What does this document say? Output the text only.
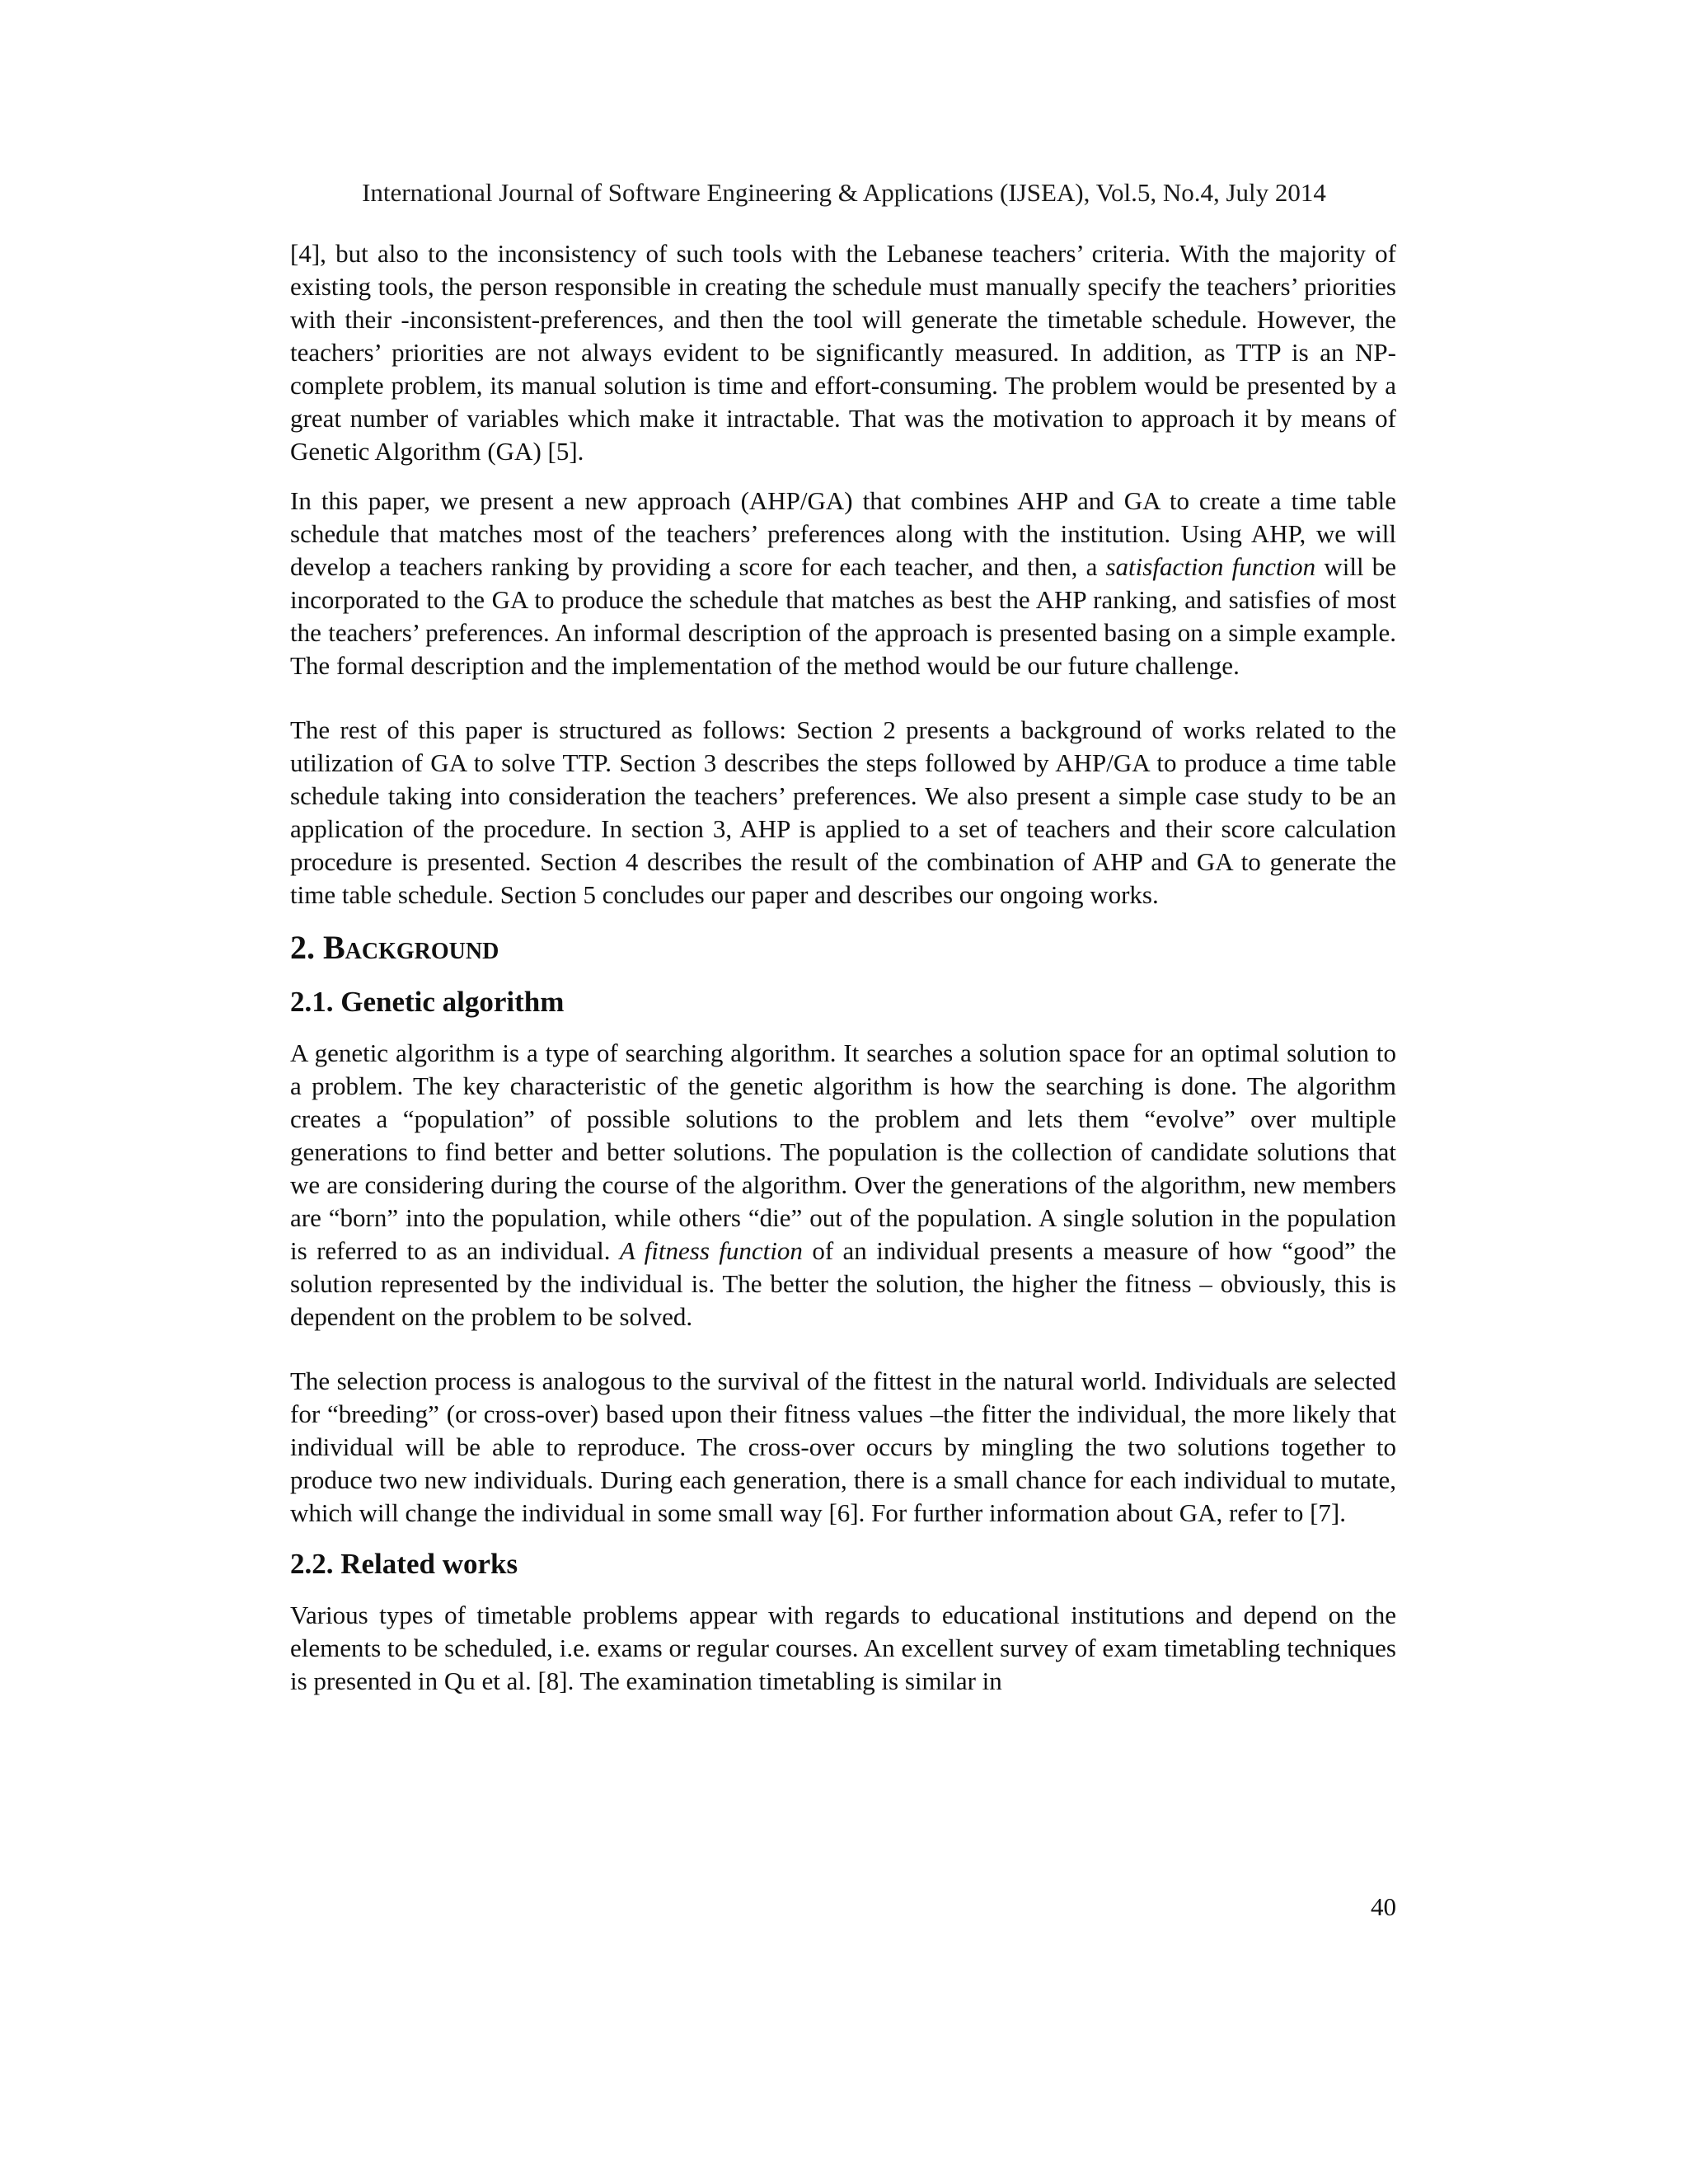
International Journal of Software Engineering & Applications (IJSEA), Vol.5, No.4, July 2014

[4], but also to the inconsistency of such tools with the Lebanese teachers’ criteria. With the majority of existing tools, the person responsible in creating the schedule must manually specify the teachers’ priorities with their -inconsistent-preferences, and then the tool will generate the timetable schedule. However, the teachers’ priorities are not always evident to be significantly measured. In addition, as TTP is an NP-complete problem, its manual solution is time and effort-consuming. The problem would be presented by a great number of variables which make it intractable. That was the motivation to approach it by means of Genetic Algorithm (GA) [5].

In this paper, we present a new approach (AHP/GA) that combines AHP and GA to create a time table schedule that matches most of the teachers’ preferences along with the institution. Using AHP, we will develop a teachers ranking by providing a score for each teacher, and then, a satisfaction function will be incorporated to the GA to produce the schedule that matches as best the AHP ranking, and satisfies of most the teachers’ preferences. An informal description of the approach is presented basing on a simple example. The formal description and the implementation of the method would be our future challenge.

The rest of this paper is structured as follows: Section 2 presents a background of works related to the utilization of GA to solve TTP. Section 3 describes the steps followed by AHP/GA to produce a time table schedule taking into consideration the teachers’ preferences. We also present a simple case study to be an application of the procedure. In section 3, AHP is applied to a set of teachers and their score calculation procedure is presented. Section 4 describes the result of the combination of AHP and GA to generate the time table schedule. Section 5 concludes our paper and describes our ongoing works.

2. Background
2.1. Genetic algorithm

A genetic algorithm is a type of searching algorithm. It searches a solution space for an optimal solution to a problem. The key characteristic of the genetic algorithm is how the searching is done. The algorithm creates a “population” of possible solutions to the problem and lets them “evolve” over multiple generations to find better and better solutions. The population is the collection of candidate solutions that we are considering during the course of the algorithm. Over the generations of the algorithm, new members are “born” into the population, while others “die” out of the population. A single solution in the population is referred to as an individual. A fitness function of an individual presents a measure of how “good” the solution represented by the individual is. The better the solution, the higher the fitness – obviously, this is dependent on the problem to be solved.

The selection process is analogous to the survival of the fittest in the natural world. Individuals are selected for “breeding” (or cross-over) based upon their fitness values –the fitter the individual, the more likely that individual will be able to reproduce. The cross-over occurs by mingling the two solutions together to produce two new individuals. During each generation, there is a small chance for each individual to mutate, which will change the individual in some small way [6]. For further information about GA, refer to [7].

2.2. Related works

Various types of timetable problems appear with regards to educational institutions and depend on the elements to be scheduled, i.e. exams or regular courses. An excellent survey of exam timetabling techniques is presented in Qu et al. [8]. The examination timetabling is similar in

40
